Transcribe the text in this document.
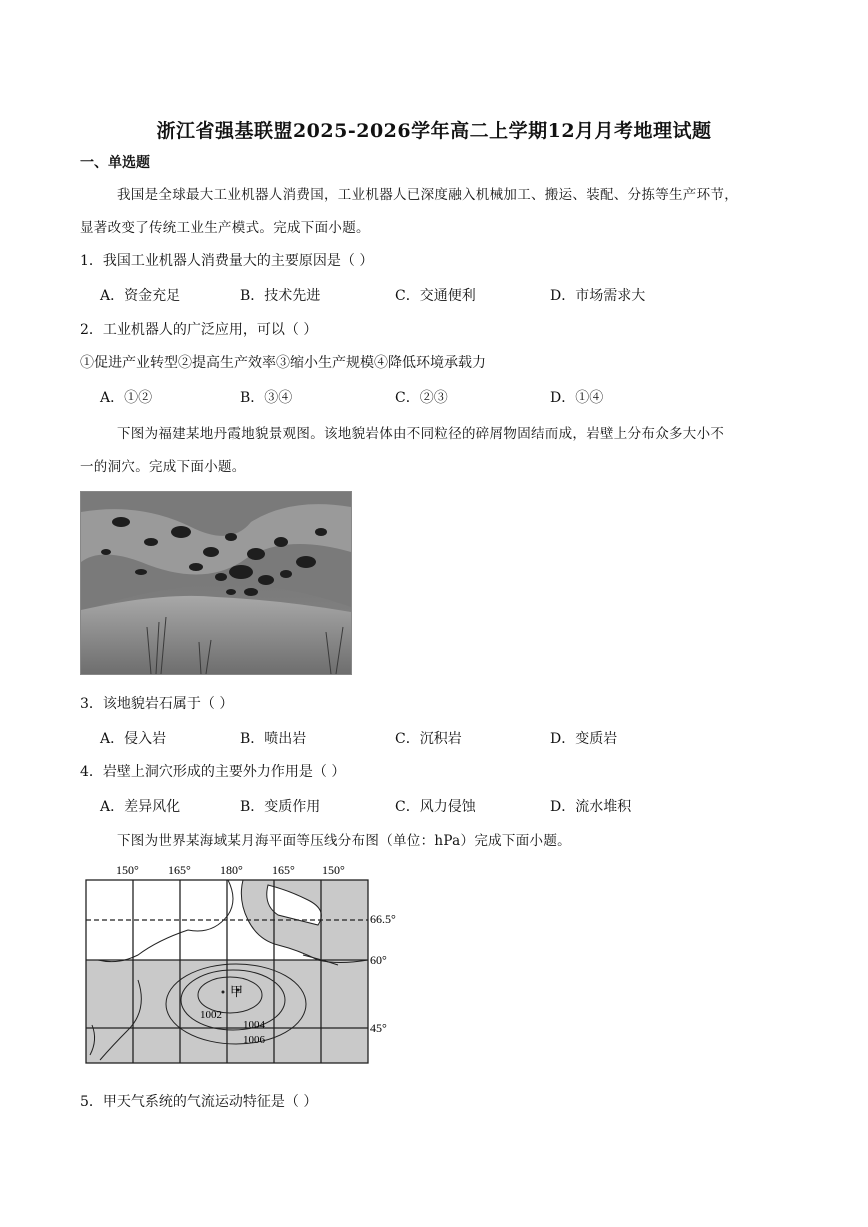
浙江省强基联盟2025-2026学年高二上学期12月月考地理试题
一、单选题
我国是全球最大工业机器人消费国，工业机器人已深度融入机械加工、搬运、装配、分拣等生产环节，
显著改变了传统工业生产模式。完成下面小题。
1．我国工业机器人消费量大的主要原因是（ ）
A．资金充足	B．技术先进	C．交通便利	D．市场需求大
2．工业机器人的广泛应用，可以（ ）
①促进产业转型②提高生产效率③缩小生产规模④降低环境承载力
A．①②	B．③④	C．②③	D．①④
下图为福建某地丹霞地貌景观图。该地貌岩体由不同粒径的碎屑物固结而成，岩壁上分布众多大小不
一的洞穴。完成下面小题。
3．该地貌岩石属于（ ）
A．侵入岩	B．喷出岩	C．沉积岩	D．变质岩
4．岩壁上洞穴形成的主要外力作用是（ ）
A．差异风化	B．变质作用	C．风力侵蚀	D．流水堆积
下图为世界某海域某月海平面等压线分布图（单位：hPa）完成下面小题。
150° 165° 180° 165° 150°
66.5°
60°
45°
甲
1002
1004
1006
5．甲天气系统的气流运动特征是（ ）
